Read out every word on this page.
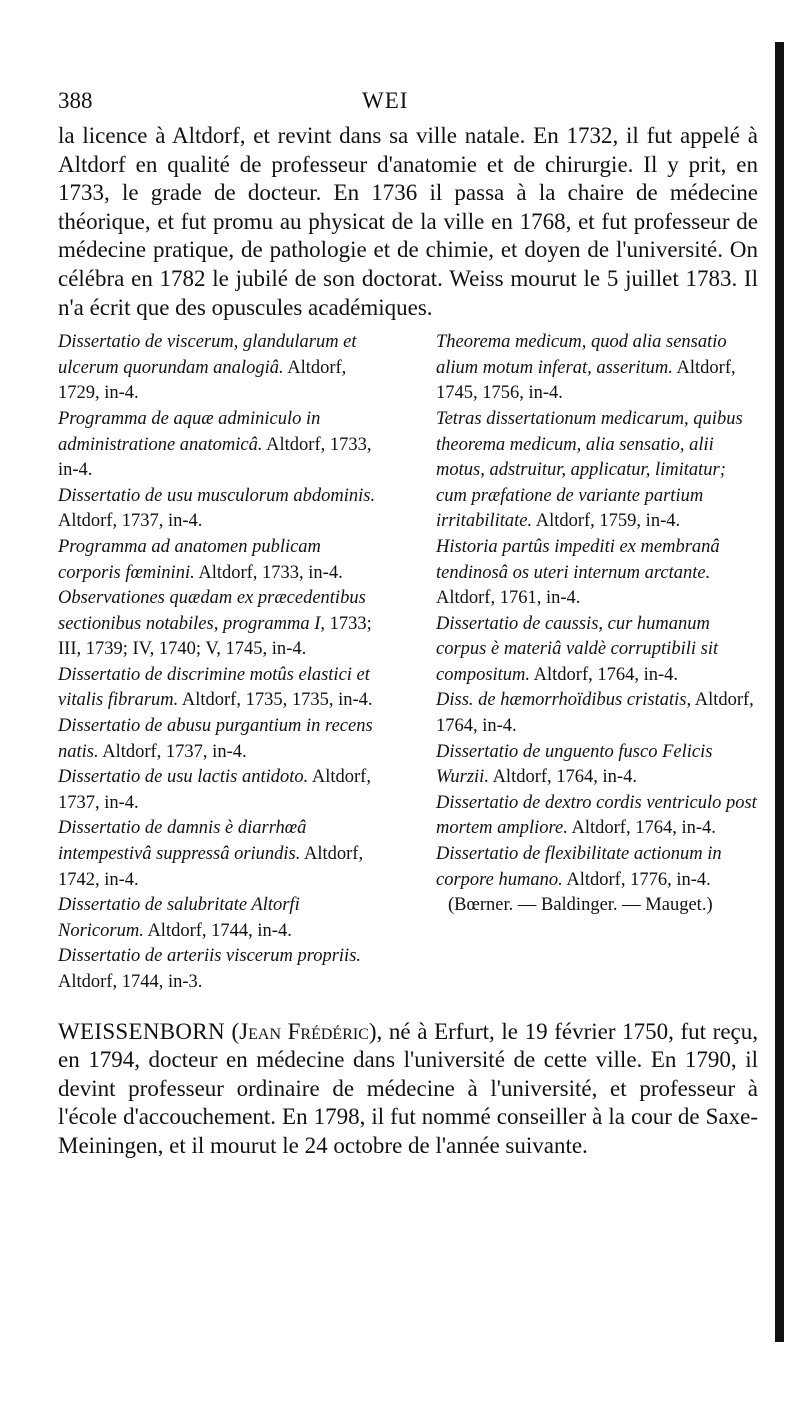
388	WEI

la licence à Altdorf, et revint dans sa ville natale. En 1732, il fut appelé à Altdorf en qualité de professeur d'anatomie et de chirurgie. Il y prit, en 1733, le grade de docteur. En 1736 il passa à la chaire de médecine théorique, et fut promu au physicat de la ville en 1768, et fut professeur de médecine pratique, de pathologie et de chimie, et doyen de l'université. On célébra en 1782 le jubilé de son doctorat. Weiss mourut le 5 juillet 1783. Il n'a écrit que des opuscules académiques.

Dissertatio de viscerum, glandularum et ulcerum quorundam analogiâ. Altdorf, 1729, in-4.

Programma de aquæ adminiculo in administratione anatomicâ. Altdorf, 1733, in-4.

Dissertatio de usu musculorum abdominis. Altdorf, 1737, in-4.

Programma ad anatomen publicam corporis fœminini. Altdorf, 1733, in-4.

Observationes quædam ex præcedentibus sectionibus notabiles, programma I, 1733; III, 1739; IV, 1740; V, 1745, in-4.

Dissertatio de discrimine motûs elastici et vitalis fibrarum. Altdorf, 1735, 1735, in-4.

Dissertatio de abusu purgantium in recens natis. Altdorf, 1737, in-4.

Dissertatio de usu lactis antidoto. Altdorf, 1737, in-4.

Dissertatio de damnis è diarrhœâ intempestivâ suppressâ oriundis. Altdorf, 1742, in-4.

Dissertatio de salubritate Altorfi Noricorum. Altdorf, 1744, in-4.

Dissertatio de arteriis viscerum propriis. Altdorf, 1744, in-3.

Theorema medicum, quod alia sensatio alium motum inferat, asseritum. Altdorf, 1745, 1756, in-4.

Tetras dissertationum medicarum, quibus theorema medicum, alia sensatio, alii motus, adstruitur, applicatur, limitatur; cum præfatione de variante partium irritabilitate. Altdorf, 1759, in-4.

Historia partûs impediti ex membranâ tendinosâ os uteri internum arctante. Altdorf, 1761, in-4.

Dissertatio de caussis, cur humanum corpus è materiâ valdè corruptibili sit compositum. Altdorf, 1764, in-4.

Diss. de hæmorrhoïdibus cristatis, Altdorf, 1764, in-4.

Dissertatio de unguento fusco Felicis Wurzii. Altdorf, 1764, in-4.

Dissertatio de dextro cordis ventriculo post mortem ampliore. Altdorf, 1764, in-4.

Dissertatio de flexibilitate actionum in corpore humano. Altdorf, 1776, in-4.

(Bœrner. — Baldinger. — Mauget.)
WEISSENBORN (Jean Frédéric), né à Erfurt, le 19 février 1750, fut reçu, en 1794, docteur en médecine dans l'université de cette ville. En 1790, il devint professeur ordinaire de médecine à l'université, et professeur à l'école d'accouchement. En 1798, il fut nommé conseiller à la cour de Saxe-Meiningen, et il mourut le 24 octobre de l'année suivante.
